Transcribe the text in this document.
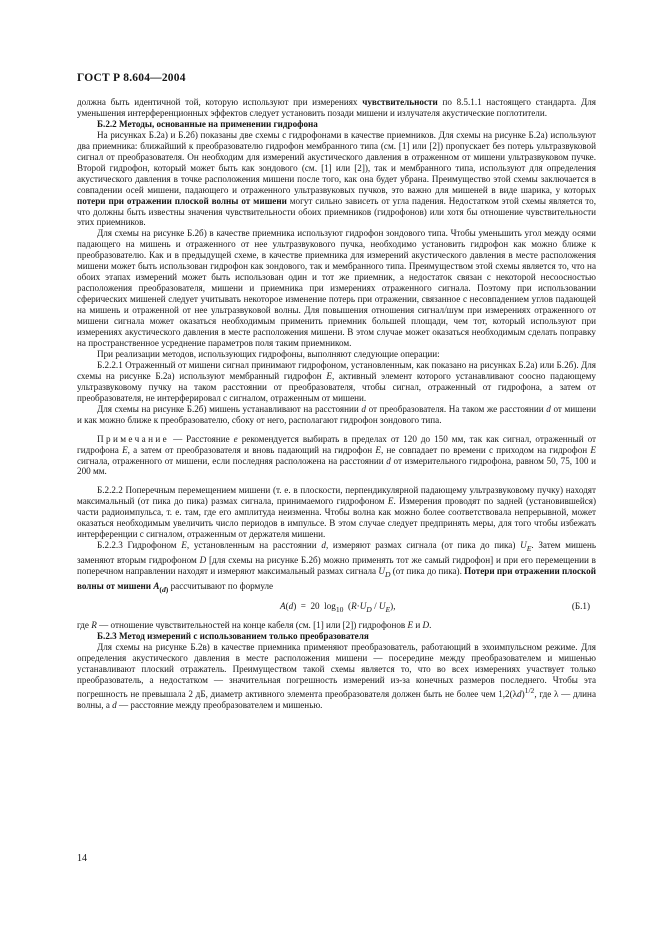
ГОСТ Р 8.604—2004

должна быть идентичной той, которую используют при измерениях чувствительности по 8.5.1.1 настоящего стандарта. Для уменьшения интерференционных эффектов следует установить позади мишени и излучателя акустические поглотители.

Б.2.2 Методы, основанные на применении гидрофона

На рисунках Б.2а) и Б.2б) показаны две схемы с гидрофонами в качестве приемников. Для схемы на рисунке Б.2а) используют два приемника: ближайший к преобразователю гидрофон мембранного типа (см. [1] или [2]) пропускает без потерь ультразвуковой сигнал от преобразователя. Он необходим для измерений акустического давления в отраженном от мишени ультразвуковом пучке. Второй гидрофон, который может быть как зондового (см. [1] или [2]), так и мембранного типа, используют для определения акустического давления в точке расположения мишени после того, как она будет убрана. Преимущество этой схемы заключается в совпадении осей мишени, падающего и отраженного ультразвуковых пучков, это важно для мишеней в виде шарика, у которых потери при отражении плоской волны от мишени могут сильно зависеть от угла падения. Недостатком этой схемы является то, что должны быть известны значения чувствительности обоих приемников (гидрофонов) или хотя бы отношение чувствительности этих приемников.

Для схемы на рисунке Б.2б) в качестве приемника используют гидрофон зондового типа. Чтобы уменьшить угол между осями падающего на мишень и отраженного от нее ультразвукового пучка, необходимо установить гидрофон как можно ближе к преобразователю. Как и в предыдущей схеме, в качестве приемника для измерений акустического давления в месте расположения мишени может быть использован гидрофон как зондового, так и мембранного типа. Преимуществом этой схемы является то, что на обоих этапах измерений может быть использован один и тот же приемник, а недостаток связан с некоторой несоосностью расположения преобразователя, мишени и приемника при измерениях отраженного сигнала. Поэтому при использовании сферических мишеней следует учитывать некоторое изменение потерь при отражении, связанное с несовпадением углов падающей на мишень и отраженной от нее ультразвуковой волны. Для повышения отношения сигнал/шум при измерениях отраженного от мишени сигнала может оказаться необходимым применить приемник большей площади, чем тот, который используют при измерениях акустического давления в месте расположения мишени. В этом случае может оказаться необходимым сделать поправку на пространственное усреднение параметров поля таким приемником.

При реализации методов, использующих гидрофоны, выполняют следующие операции:

Б.2.2.1 Отраженный от мишени сигнал принимают гидрофоном, установленным, как показано на рисунках Б.2а) или Б.2б). Для схемы на рисунке Б.2а) используют мембранный гидрофон E, активный элемент которого устанавливают соосно падающему ультразвуковому пучку на таком расстоянии от преобразователя, чтобы сигнал, отраженный от гидрофона, а затем от преобразователя, не интерферировал с сигналом, отраженным от мишени.

Для схемы на рисунке Б.2б) мишень устанавливают на расстоянии d от преобразователя. На таком же расстоянии d от мишени и как можно ближе к преобразователю, сбоку от него, располагают гидрофон зондового типа.

Примечание — Расстояние e рекомендуется выбирать в пределах от 120 до 150 мм, так как сигнал, отраженный от гидрофона E, а затем от преобразователя и вновь падающий на гидрофон E, не совпадает по времени с приходом на гидрофон E сигнала, отраженного от мишени, если последняя расположена на расстоянии d от измерительного гидрофона, равном 50, 75, 100 и 200 мм.

Б.2.2.2 Поперечным перемещением мишени (т. е. в плоскости, перпендикулярной падающему ультразвуковому пучку) находят максимальный (от пика до пика) размах сигнала, принимаемого гидрофоном E. Измерения проводят по задней (установившейся) части радиоимпульса, т. е. там, где его амплитуда неизменна. Чтобы волна как можно более соответствовала непрерывной, может оказаться необходимым увеличить число периодов в импульсе. В этом случае следует предпринять меры, для того чтобы избежать интерференции с сигналом, отраженным от держателя мишени.

Б.2.2.3 Гидрофоном E, установленным на расстоянии d, измеряют размах сигнала (от пика до пика) $U_E$. Затем мишень заменяют вторым гидрофоном D [для схемы на рисунке Б.2б) можно применять тот же самый гидрофон] и при его перемещении в поперечном направлении находят и измеряют максимальный размах сигнала $U_D$ (от пика до пика). Потери при отражении плоской волны от мишени $A_{(d)}$ рассчитывают по формуле

A(d)  =  20  $\log_{10} (R\cdot U_D / U_E)$,	(Б.1)

где R — отношение чувствительностей на конце кабеля (см. [1] или [2]) гидрофонов E и D.

Б.2.3 Метод измерений с использованием только преобразователя

Для схемы на рисунке Б.2в) в качестве приемника применяют преобразователь, работающий в эхоимпульсном режиме. Для определения акустического давления в месте расположения мишени — посередине между преобразователем и мишенью устанавливают плоский отражатель. Преимуществом такой схемы является то, что во всех измерениях участвует только преобразователь, а недостатком — значительная погрешность измерений из-за конечных размеров последнего. Чтобы эта погрешность не превышала 2 дБ, диаметр активного элемента преобразователя должен быть не более чем $1,2(\lambda d)^{1/2}$, где λ — длина волны, а d — расстояние между преобразователем и мишенью.

14
